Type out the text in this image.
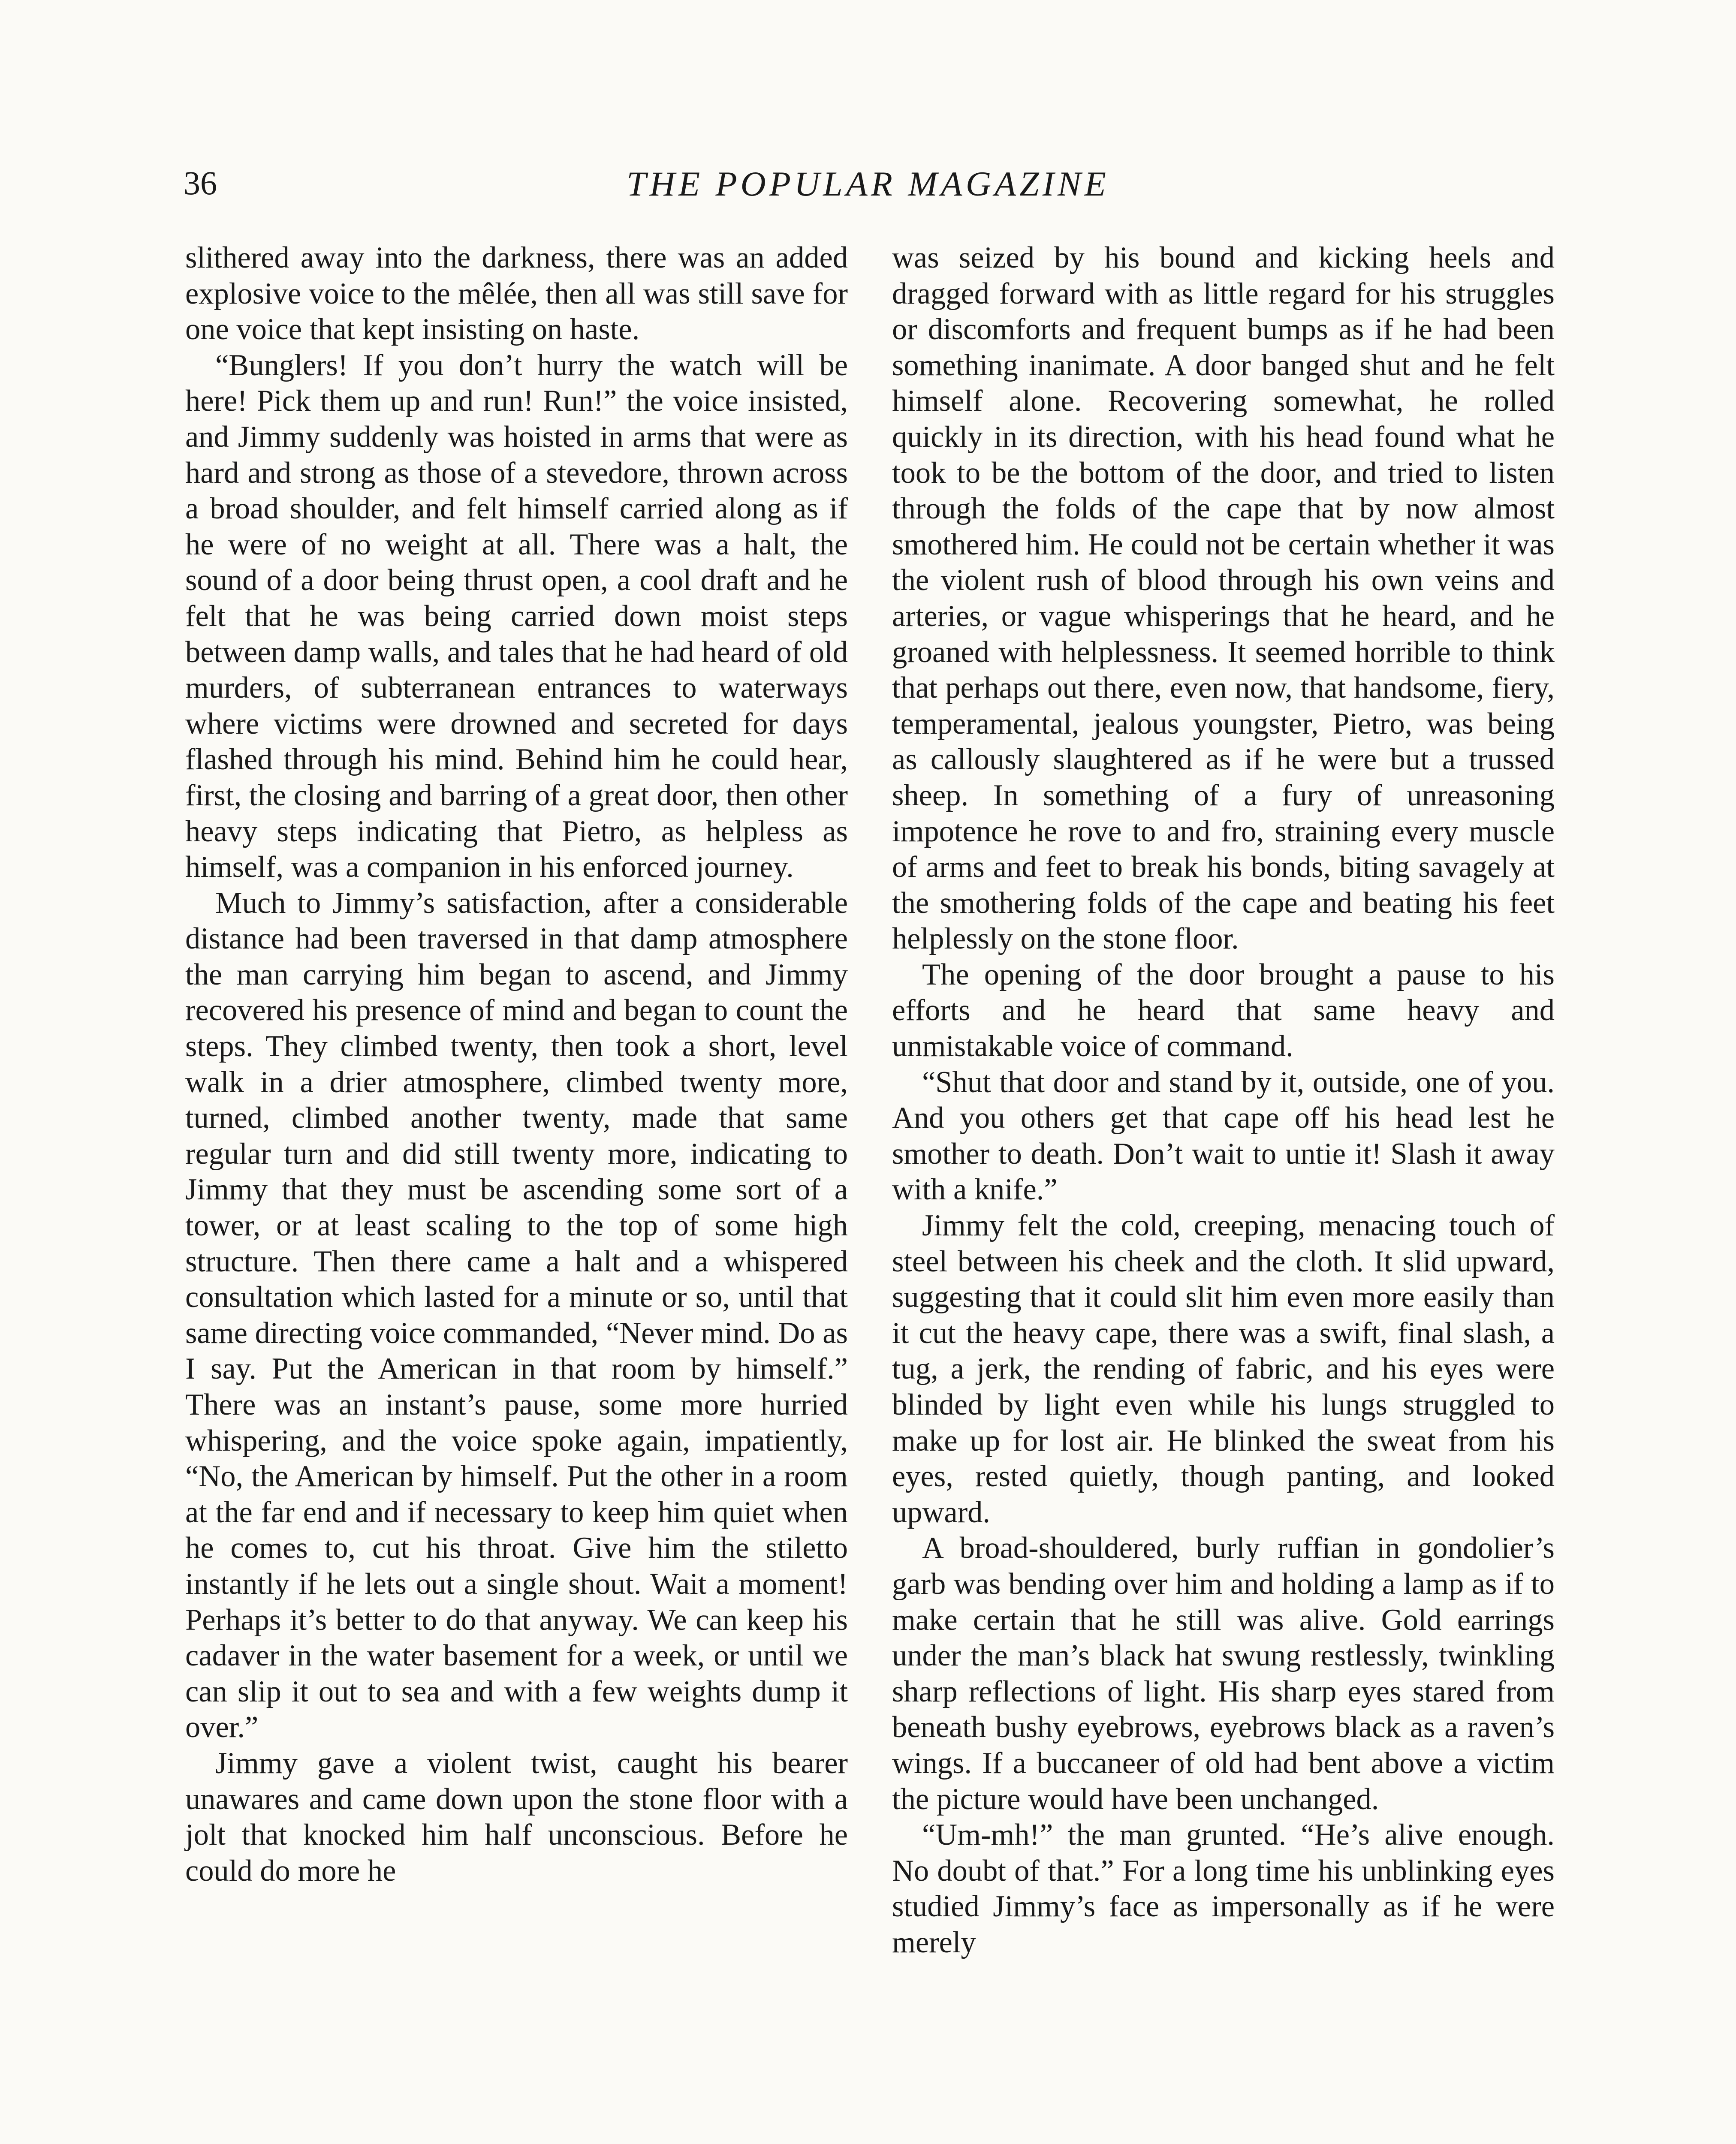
36	THE POPULAR MAGAZINE

slithered away into the darkness, there was an added explosive voice to the mêlée, then all was still save for one voice that kept insisting on haste.

“Bunglers! If you don’t hurry the watch will be here! Pick them up and run! Run!” the voice insisted, and Jimmy suddenly was hoisted in arms that were as hard and strong as those of a stevedore, thrown across a broad shoulder, and felt himself carried along as if he were of no weight at all. There was a halt, the sound of a door being thrust open, a cool draft and he felt that he was being carried down moist steps between damp walls, and tales that he had heard of old murders, of subterranean entrances to waterways where victims were drowned and secreted for days flashed through his mind. Behind him he could hear, first, the closing and barring of a great door, then other heavy steps indicating that Pietro, as helpless as himself, was a companion in his enforced journey.

Much to Jimmy’s satisfaction, after a considerable distance had been traversed in that damp atmosphere the man carrying him began to ascend, and Jimmy recovered his presence of mind and began to count the steps. They climbed twenty, then took a short, level walk in a drier atmosphere, climbed twenty more, turned, climbed another twenty, made that same regular turn and did still twenty more, indicating to Jimmy that they must be ascending some sort of a tower, or at least scaling to the top of some high structure. Then there came a halt and a whispered consultation which lasted for a minute or so, until that same directing voice commanded, “Never mind. Do as I say. Put the American in that room by himself.” There was an instant’s pause, some more hurried whispering, and the voice spoke again, impatiently, “No, the American by himself. Put the other in a room at the far end and if necessary to keep him quiet when he comes to, cut his throat. Give him the stiletto instantly if he lets out a single shout. Wait a moment! Perhaps it’s better to do that anyway. We can keep his cadaver in the water basement for a week, or until we can slip it out to sea and with a few weights dump it over.”

Jimmy gave a violent twist, caught his bearer unawares and came down upon the stone floor with a jolt that knocked him half unconscious. Before he could do more he

was seized by his bound and kicking heels and dragged forward with as little regard for his struggles or discomforts and frequent bumps as if he had been something inanimate. A door banged shut and he felt himself alone. Recovering somewhat, he rolled quickly in its direction, with his head found what he took to be the bottom of the door, and tried to listen through the folds of the cape that by now almost smothered him. He could not be certain whether it was the violent rush of blood through his own veins and arteries, or vague whisperings that he heard, and he groaned with helplessness. It seemed horrible to think that perhaps out there, even now, that handsome, fiery, temperamental, jealous youngster, Pietro, was being as callously slaughtered as if he were but a trussed sheep. In something of a fury of unreasoning impotence he rove to and fro, straining every muscle of arms and feet to break his bonds, biting savagely at the smothering folds of the cape and beating his feet helplessly on the stone floor.

The opening of the door brought a pause to his efforts and he heard that same heavy and unmistakable voice of command.

“Shut that door and stand by it, outside, one of you. And you others get that cape off his head lest he smother to death. Don’t wait to untie it! Slash it away with a knife.”

Jimmy felt the cold, creeping, menacing touch of steel between his cheek and the cloth. It slid upward, suggesting that it could slit him even more easily than it cut the heavy cape, there was a swift, final slash, a tug, a jerk, the rending of fabric, and his eyes were blinded by light even while his lungs struggled to make up for lost air. He blinked the sweat from his eyes, rested quietly, though panting, and looked upward.

A broad-shouldered, burly ruffian in gondolier’s garb was bending over him and holding a lamp as if to make certain that he still was alive. Gold earrings under the man’s black hat swung restlessly, twinkling sharp reflections of light. His sharp eyes stared from beneath bushy eyebrows, eyebrows black as a raven’s wings. If a buccaneer of old had bent above a victim the picture would have been unchanged.

“Um-mh!” the man grunted. “He’s alive enough. No doubt of that.” For a long time his unblinking eyes studied Jimmy’s face as impersonally as if he were merely
